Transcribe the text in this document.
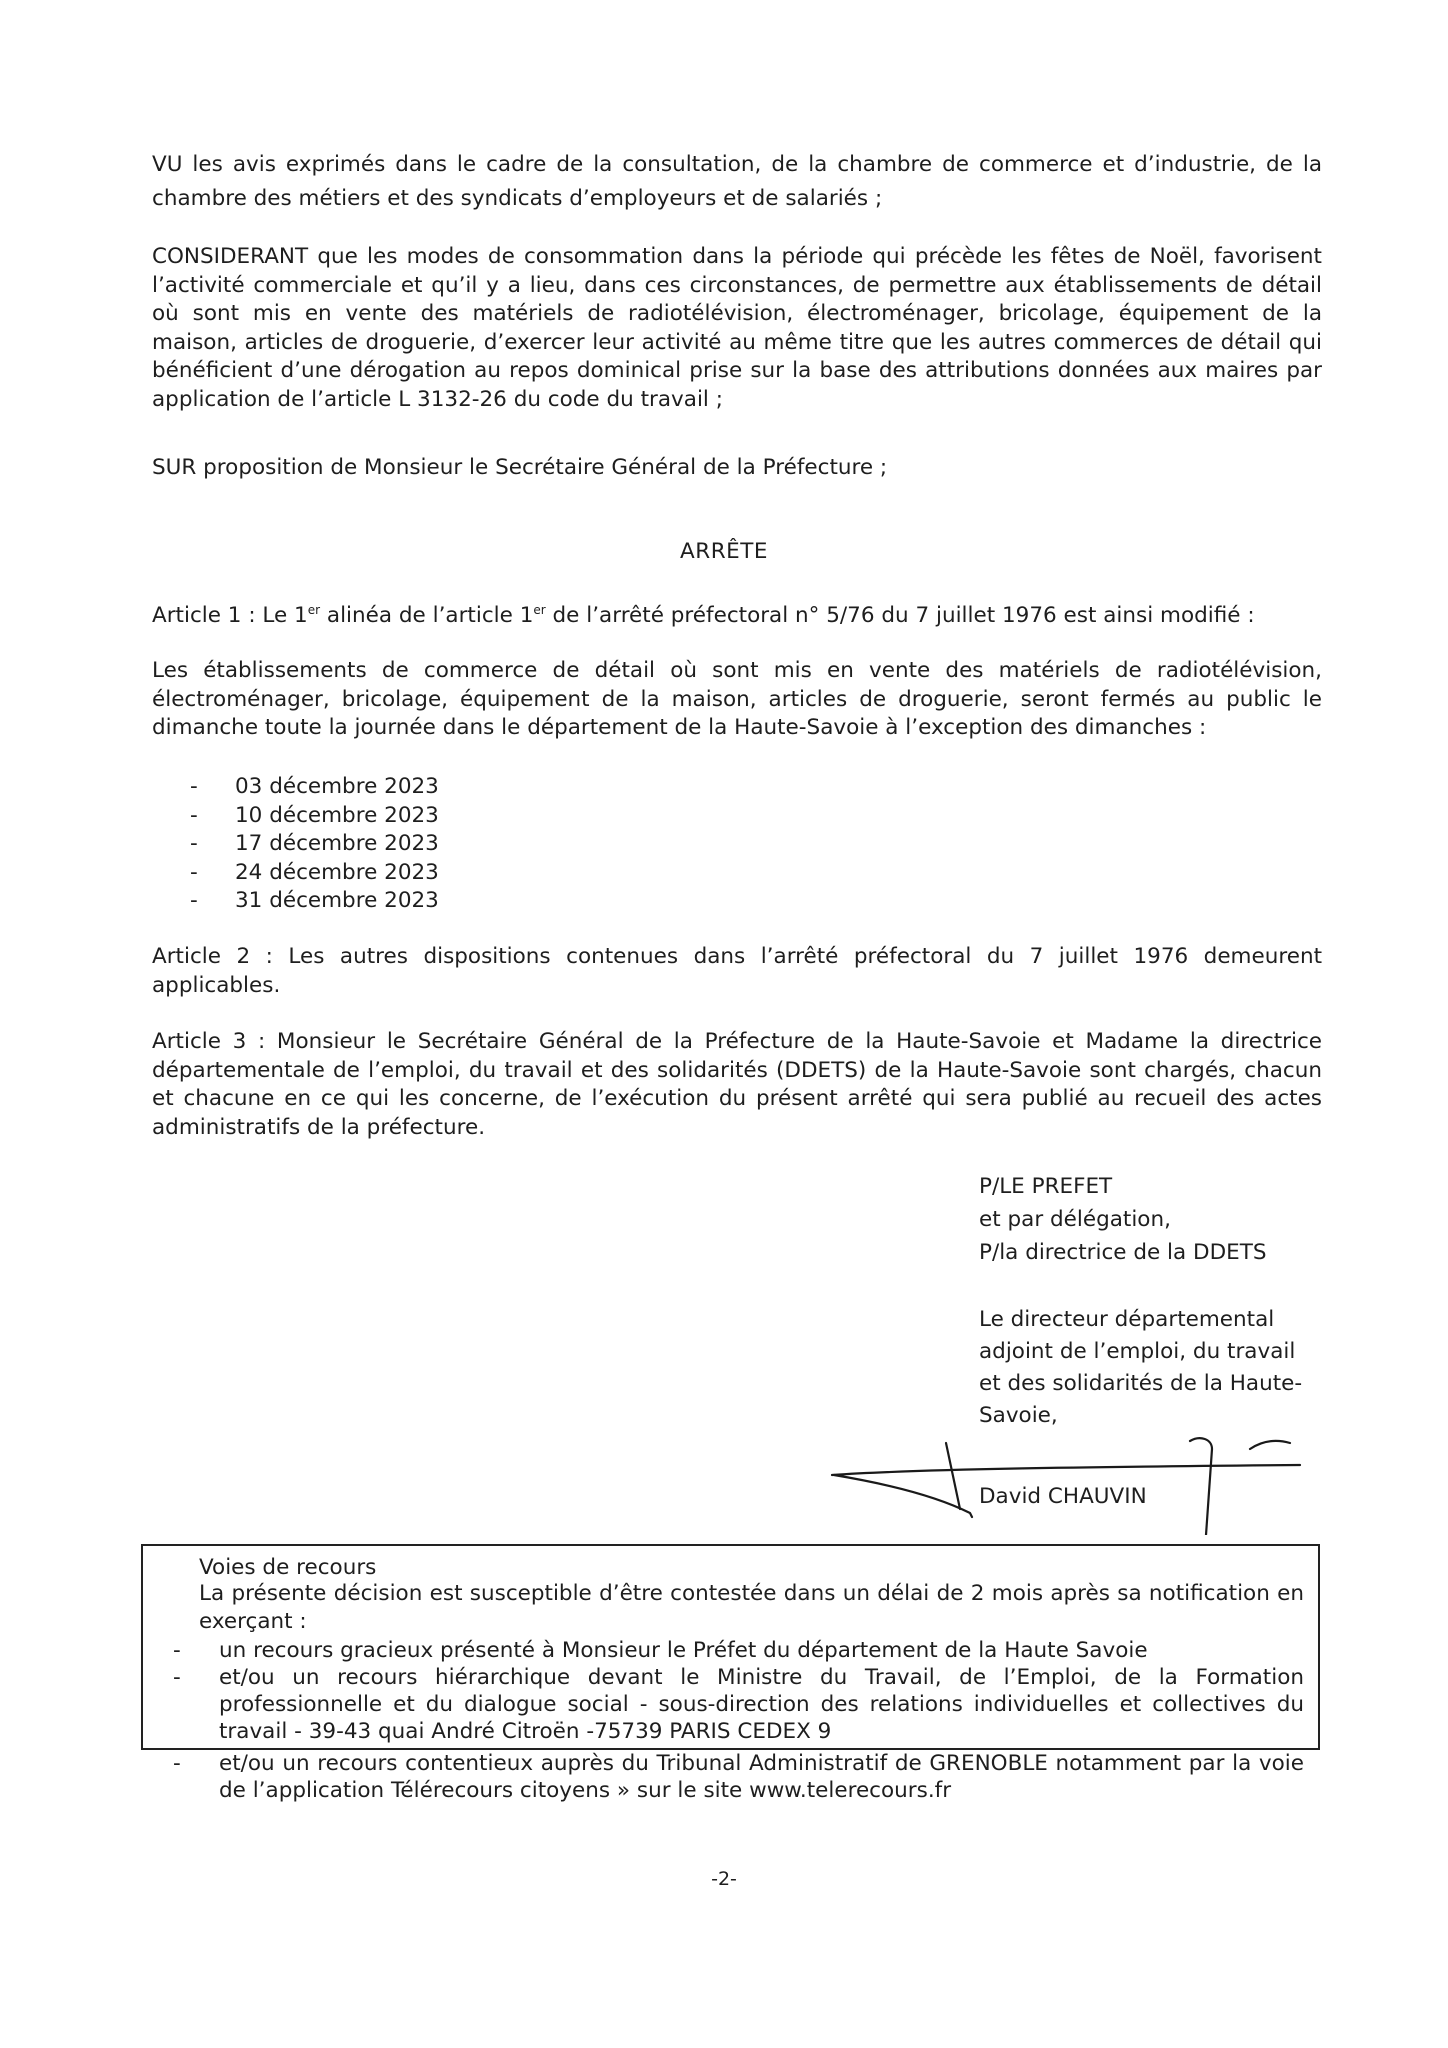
VU les avis exprimés dans le cadre de la consultation, de la chambre de commerce et d’industrie, de la chambre des métiers et des syndicats d’employeurs et de salariés ;

CONSIDERANT que les modes de consommation dans la période qui précède les fêtes de Noël, favorisent l’activité commerciale et qu’il y a lieu, dans ces circonstances, de permettre aux établissements de détail où sont mis en vente des matériels de radiotélévision, électroménager, bricolage, équipement de la maison, articles de droguerie, d’exercer leur activité au même titre que les autres commerces de détail qui bénéficient d’une dérogation au repos dominical prise sur la base des attributions données aux maires par application de l’article L 3132-26 du code du travail ;

SUR proposition de Monsieur le Secrétaire Général de la Préfecture ;

ARRÊTE

Article 1 : Le 1er alinéa de l’article 1er de l’arrêté préfectoral n° 5/76 du 7 juillet 1976 est ainsi modifié :

Les établissements de commerce de détail où sont mis en vente des matériels de radiotélévision, électroménager, bricolage, équipement de la maison, articles de droguerie, seront fermés au public le dimanche toute la journée dans le département de la Haute-Savoie à l’exception des dimanches :

- 03 décembre 2023
- 10 décembre 2023
- 17 décembre 2023
- 24 décembre 2023
- 31 décembre 2023

Article 2 : Les autres dispositions contenues dans l’arrêté préfectoral du 7 juillet 1976 demeurent applicables.

Article 3 : Monsieur le Secrétaire Général de la Préfecture de la Haute-Savoie et Madame la directrice départementale de l’emploi, du travail et des solidarités (DDETS) de la Haute-Savoie sont chargés, chacun et chacune en ce qui les concerne, de l’exécution du présent arrêté qui sera publié au recueil des actes administratifs de la préfecture.

P/LE PREFET
et par délégation,
P/la directrice de la DDETS
Le directeur départemental
adjoint de l’emploi, du travail
et des solidarités de la Haute-
Savoie,
David CHAUVIN
Voies de recours

La présente décision est susceptible d’être contestée dans un délai de 2 mois après sa notification en exerçant :

- un recours gracieux présenté à Monsieur le Préfet du département de la Haute Savoie
- et/ou un recours hiérarchique devant le Ministre du Travail, de l’Emploi, de la Formation professionnelle et du dialogue social - sous-direction des relations individuelles et collectives du travail - 39-43 quai André Citroën -75739 PARIS CEDEX 9
- et/ou un recours contentieux auprès du Tribunal Administratif de GRENOBLE notamment par la voie de l’application Télérecours citoyens » sur le site www.telerecours.fr
-2-
